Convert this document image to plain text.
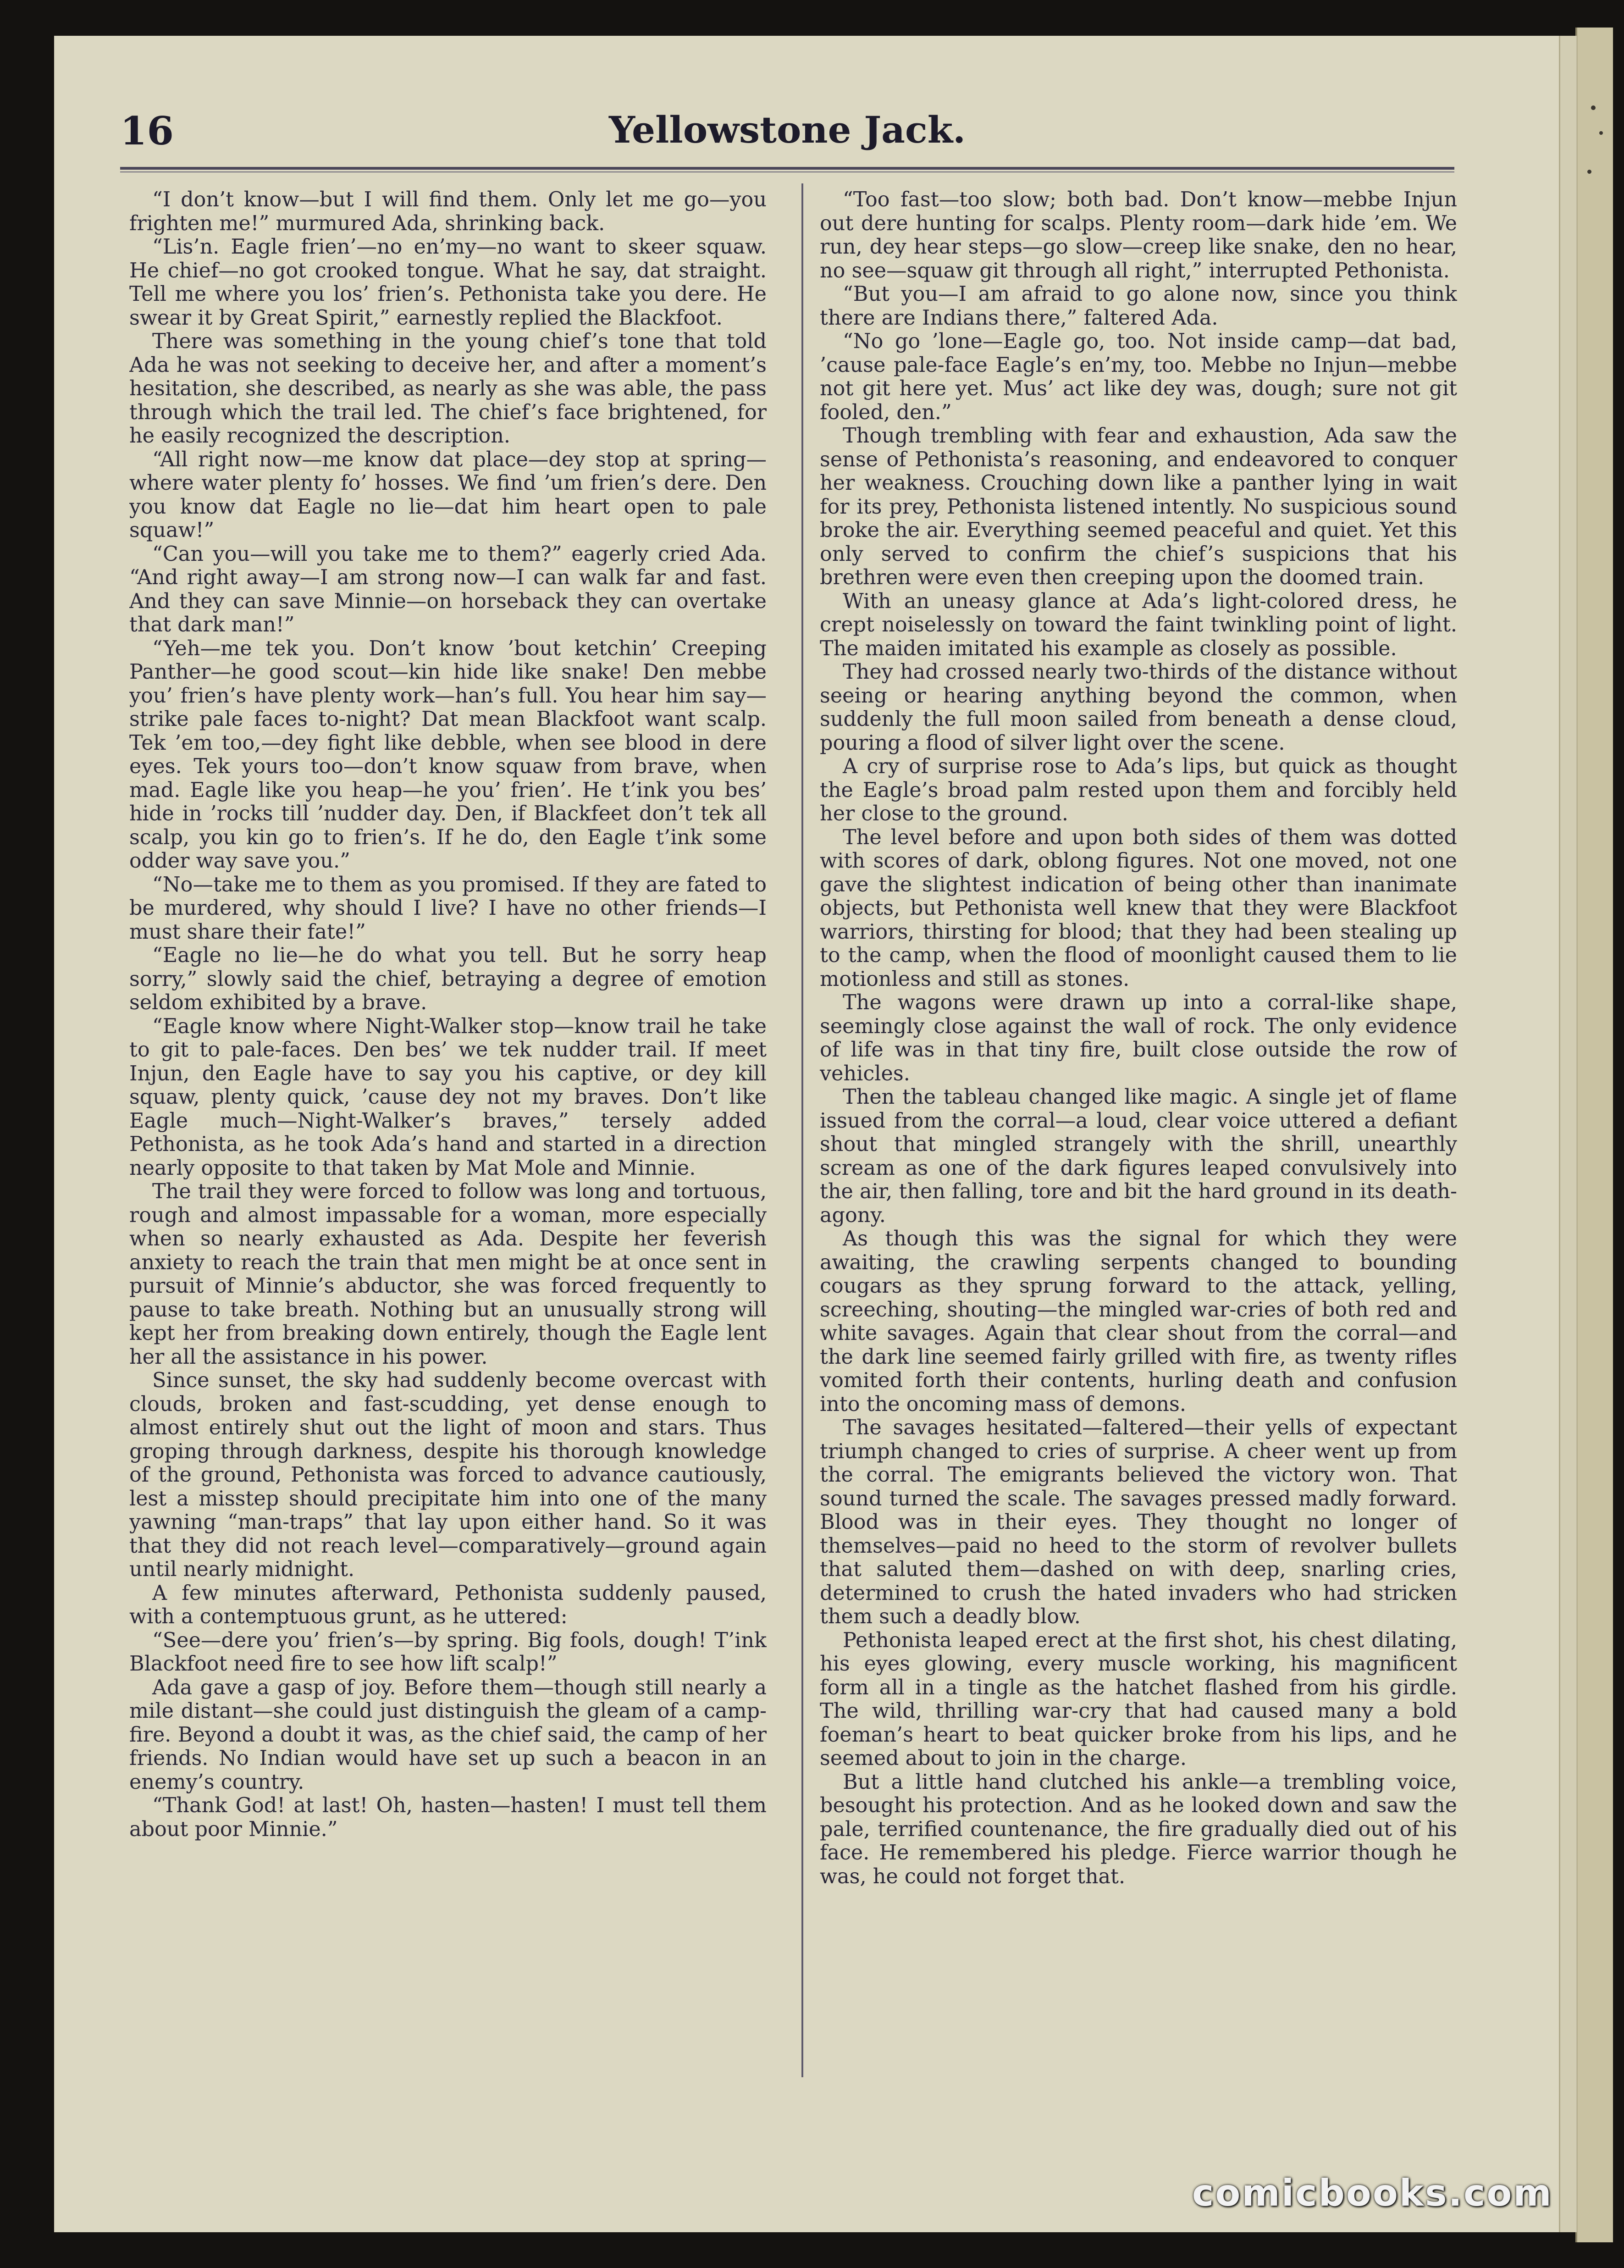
16	Yellowstone Jack.

“I don’t know—but I will find them. Only let me go—you frighten me!” murmured Ada, shrinking back.

“Lis’n. Eagle frien’—no en’my—no want to skeer squaw. He chief—no got crooked tongue. What he say, dat straight. Tell me where you los’ frien’s. Pethonista take you dere. He swear it by Great Spirit,” earnestly replied the Blackfoot.

There was something in the young chief’s tone that told Ada he was not seeking to deceive her, and after a moment’s hesitation, she described, as nearly as she was able, the pass through which the trail led. The chief’s face brightened, for he easily recognized the description.

“All right now—me know dat place—dey stop at spring—where water plenty fo’ hosses. We find ’um frien’s dere. Den you know dat Eagle no lie—dat him heart open to pale squaw!”

“Can you—will you take me to them?” eagerly cried Ada. “And right away—I am strong now—I can walk far and fast. And they can save Minnie—on horseback they can overtake that dark man!”

“Yeh—me tek you. Don’t know ’bout ketchin’ Creeping Panther—he good scout—kin hide like snake! Den mebbe you’ frien’s have plenty work—han’s full. You hear him say—strike pale faces to-night? Dat mean Blackfoot want scalp. Tek ’em too,—dey fight like debble, when see blood in dere eyes. Tek yours too—don’t know squaw from brave, when mad. Eagle like you heap—he you’ frien’. He t’ink you bes’ hide in ’rocks till ’nudder day. Den, if Blackfeet don’t tek all scalp, you kin go to frien’s. If he do, den Eagle t’ink some odder way save you.”

“No—take me to them as you promised. If they are fated to be murdered, why should I live? I have no other friends—I must share their fate!”

“Eagle no lie—he do what you tell. But he sorry heap sorry,” slowly said the chief, betraying a degree of emotion seldom exhibited by a brave.

“Eagle know where Night-Walker stop—know trail he take to git to pale-faces. Den bes’ we tek nudder trail. If meet Injun, den Eagle have to say you his captive, or dey kill squaw, plenty quick, ’cause dey not my braves. Don’t like Eagle much—Night-Walker’s braves,” tersely added Pethonista, as he took Ada’s hand and started in a direction nearly opposite to that taken by Mat Mole and Minnie.

The trail they were forced to follow was long and tortuous, rough and almost impassable for a woman, more especially when so nearly exhausted as Ada. Despite her feverish anxiety to reach the train that men might be at once sent in pursuit of Minnie’s abductor, she was forced frequently to pause to take breath. Nothing but an unusually strong will kept her from breaking down entirely, though the Eagle lent her all the assistance in his power.

Since sunset, the sky had suddenly become overcast with clouds, broken and fast-scudding, yet dense enough to almost entirely shut out the light of moon and stars. Thus groping through darkness, despite his thorough knowledge of the ground, Pethonista was forced to advance cautiously, lest a misstep should precipitate him into one of the many yawning “man-traps” that lay upon either hand. So it was that they did not reach level—comparatively—ground again until nearly midnight.

A few minutes afterward, Pethonista suddenly paused, with a contemptuous grunt, as he uttered:

“See—dere you’ frien’s—by spring. Big fools, dough! T’ink Blackfoot need fire to see how lift scalp!”

Ada gave a gasp of joy. Before them—though still nearly a mile distant—she could just distinguish the gleam of a camp-fire. Beyond a doubt it was, as the chief said, the camp of her friends. No Indian would have set up such a beacon in an enemy’s country.

“Thank God! at last! Oh, hasten—hasten! I must tell them about poor Minnie.”

“Too fast—too slow; both bad. Don’t know—mebbe Injun out dere hunting for scalps. Plenty room—dark hide ’em. We run, dey hear steps—go slow—creep like snake, den no hear, no see—squaw git through all right,” interrupted Pethonista.

“But you—I am afraid to go alone now, since you think there are Indians there,” faltered Ada.

“No go ’lone—Eagle go, too. Not inside camp—dat bad, ’cause pale-face Eagle’s en’my, too. Mebbe no Injun—mebbe not git here yet. Mus’ act like dey was, dough; sure not git fooled, den.”

Though trembling with fear and exhaustion, Ada saw the sense of Pethonista’s reasoning, and endeavored to conquer her weakness. Crouching down like a panther lying in wait for its prey, Pethonista listened intently. No suspicious sound broke the air. Everything seemed peaceful and quiet. Yet this only served to confirm the chief’s suspicions that his brethren were even then creeping upon the doomed train.

With an uneasy glance at Ada’s light-colored dress, he crept noiselessly on toward the faint twinkling point of light. The maiden imitated his example as closely as possible.

They had crossed nearly two-thirds of the distance without seeing or hearing anything beyond the common, when suddenly the full moon sailed from beneath a dense cloud, pouring a flood of silver light over the scene.

A cry of surprise rose to Ada’s lips, but quick as thought the Eagle’s broad palm rested upon them and forcibly held her close to the ground.

The level before and upon both sides of them was dotted with scores of dark, oblong figures. Not one moved, not one gave the slightest indication of being other than inanimate objects, but Pethonista well knew that they were Blackfoot warriors, thirsting for blood; that they had been stealing up to the camp, when the flood of moonlight caused them to lie motionless and still as stones.

The wagons were drawn up into a corral-like shape, seemingly close against the wall of rock. The only evidence of life was in that tiny fire, built close outside the row of vehicles.

Then the tableau changed like magic. A single jet of flame issued from the corral—a loud, clear voice uttered a defiant shout that mingled strangely with the shrill, unearthly scream as one of the dark figures leaped convulsively into the air, then falling, tore and bit the hard ground in its death-agony.

As though this was the signal for which they were awaiting, the crawling serpents changed to bounding cougars as they sprung forward to the attack, yelling, screeching, shouting—the mingled war-cries of both red and white savages. Again that clear shout from the corral—and the dark line seemed fairly grilled with fire, as twenty rifles vomited forth their contents, hurling death and confusion into the oncoming mass of demons.

The savages hesitated—faltered—their yells of expectant triumph changed to cries of surprise. A cheer went up from the corral. The emigrants believed the victory won. That sound turned the scale. The savages pressed madly forward. Blood was in their eyes. They thought no longer of themselves—paid no heed to the storm of revolver bullets that saluted them—dashed on with deep, snarling cries, determined to crush the hated invaders who had stricken them such a deadly blow.

Pethonista leaped erect at the first shot, his chest dilating, his eyes glowing, every muscle working, his magnificent form all in a tingle as the hatchet flashed from his girdle. The wild, thrilling war-cry that had caused many a bold foeman’s heart to beat quicker broke from his lips, and he seemed about to join in the charge.

But a little hand clutched his ankle—a trembling voice, besought his protection. And as he looked down and saw the pale, terrified countenance, the fire gradually died out of his face. He remembered his pledge. Fierce warrior though he was, he could not forget that.

comicbooks.com
